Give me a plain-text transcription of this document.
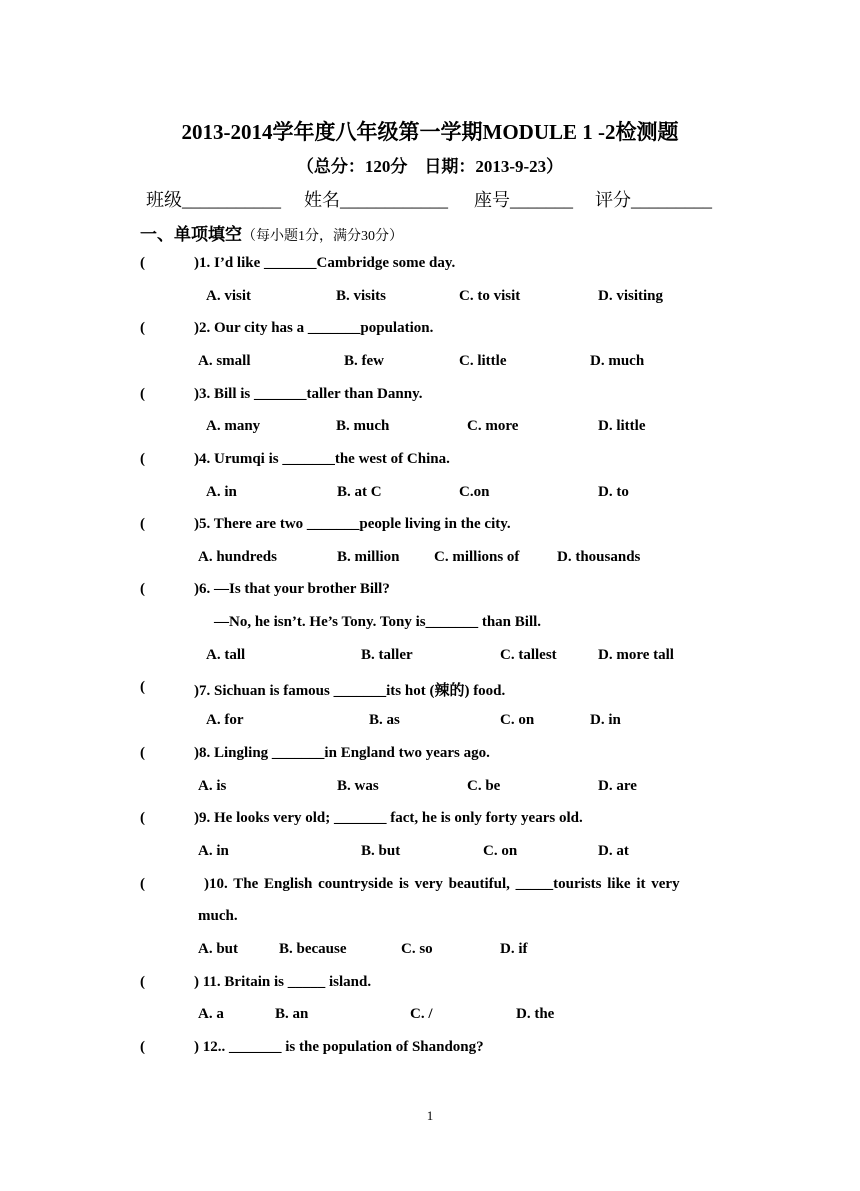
2013-2014学年度八年级第一学期MODULE 1 -2检测题
（总分：120分　日期：2013-9-23）
班级___________ 姓名____________ 座号_______ 评分_________
一、单项填空（每小题1分，满分30分）
(	)1. I’d like _______Cambridge some day.
A. visit	B. visits	C. to visit	D. visiting
(	)2. Our city has a _______population.
A. small	B. few	C. little	D. much
(	)3. Bill is _______taller than Danny.
A. many	B. much	C. more	D. little
(	)4. Urumqi is _______the west of China.
A. in	B. at C	C.on	D. to
(	)5. There are two _______people living in the city.
A. hundreds	B. million C. millions of	D. thousands
(	)6. —Is that your brother Bill?
—No, he isn’t. He’s Tony. Tony is_______ than Bill.
A. tall	B. taller	C. tallest	D. more tall
(	)7. Sichuan is famous _______its hot (辣的) food.
A. for	B. as	C. on	D. in
(	)8. Lingling _______in England two years ago.
A. is	B. was	C. be	D. are
(	)9. He looks very old; _______ fact, he is only forty years old.
A. in	B. but	C. on	D. at
(	)10. The English countryside is very beautiful, _____tourists like it very
much.
A. but	B. because	C. so	D. if
(	) 11. Britain is _____ island.
A. a	B. an	C. /	D. the
(	) 12.. _______ is the population of Shandong?
1
